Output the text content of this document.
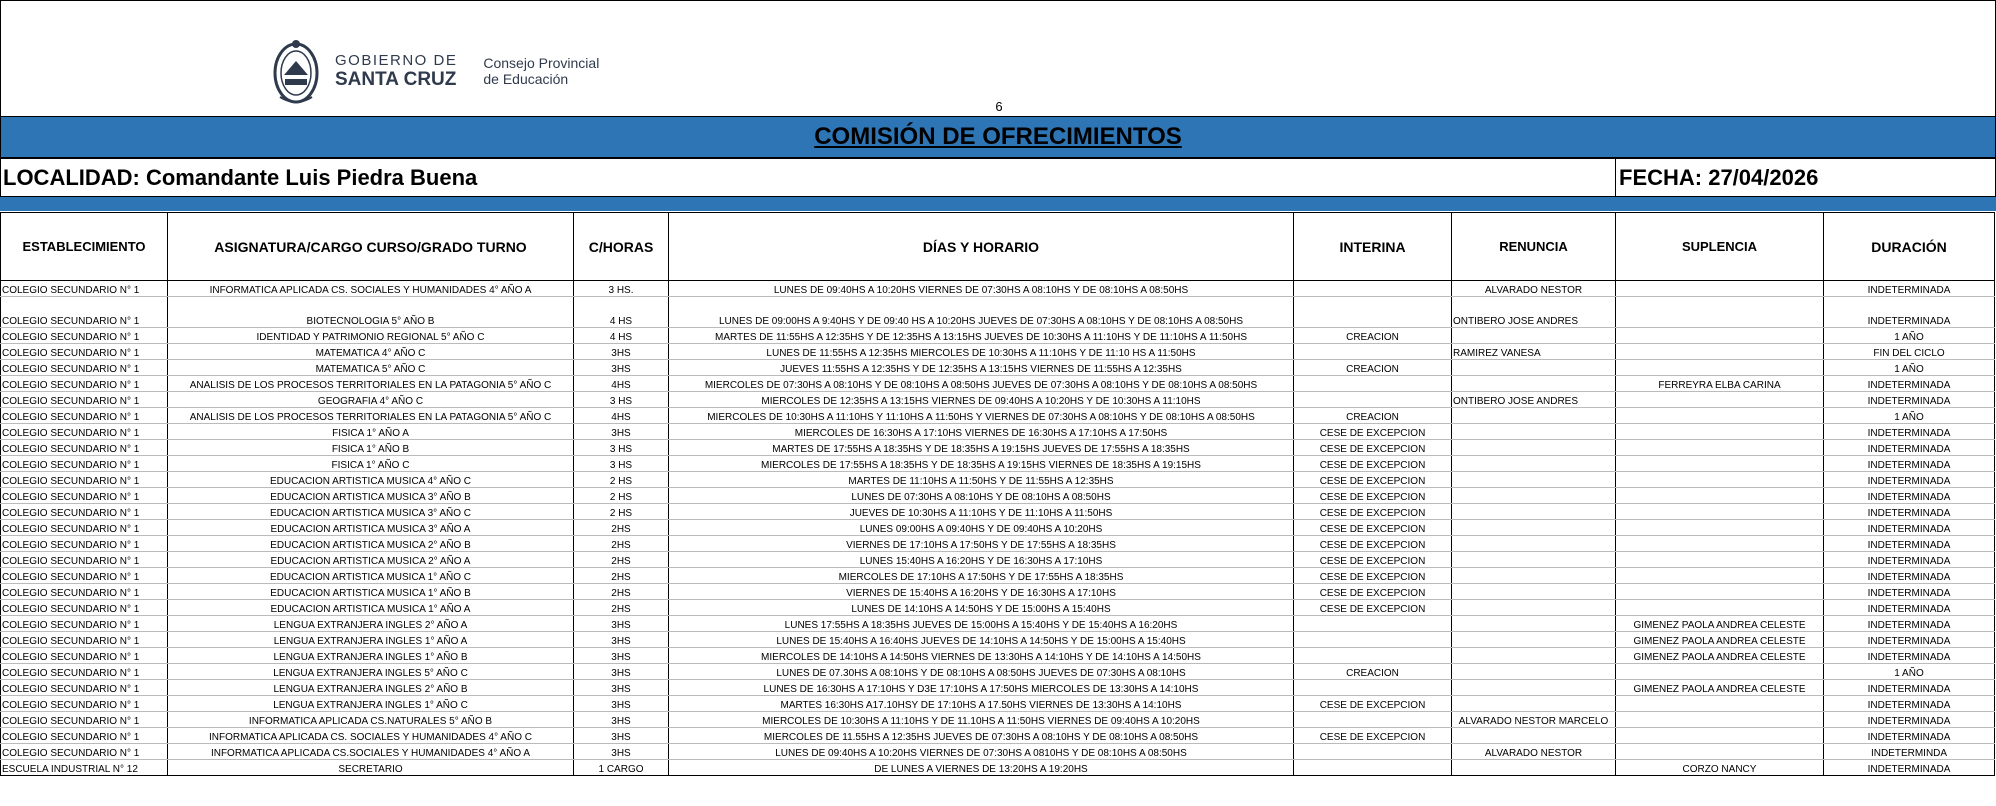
GOBIERNO DE
SANTA CRUZ
Consejo Provincial
de Educación
6
COMISIÓN DE OFRECIMIENTOS
LOCALIDAD: Comandante Luis Piedra Buena	FECHA: 27/04/2026
ESTABLECIMIENTO	ASIGNATURA/CARGO CURSO/GRADO TURNO	C/HORAS	DÍAS Y HORARIO	INTERINA	RENUNCIA	SUPLENCIA	DURACIÓN
COLEGIO SECUNDARIO N° 1	INFORMATICA APLICADA CS. SOCIALES Y HUMANIDADES 4° AÑO A	3 HS.	LUNES DE 09:40HS A 10:20HS VIERNES DE 07:30HS A 08:10HS Y DE 08:10HS A 08:50HS		ALVARADO NESTOR		INDETERMINADA
COLEGIO SECUNDARIO N° 1	BIOTECNOLOGIA 5° AÑO B	4 HS	LUNES DE 09:00HS A 9:40HS Y DE 09:40 HS A 10:20HS JUEVES DE 07:30HS A 08:10HS Y DE 08:10HS A 08:50HS		ONTIBERO JOSE ANDRES		INDETERMINADA
COLEGIO SECUNDARIO N° 1	IDENTIDAD Y PATRIMONIO REGIONAL 5° AÑO C	4 HS	MARTES DE 11:55HS A 12:35HS Y DE 12:35HS A 13:15HS JUEVES DE 10:30HS A 11:10HS Y DE 11:10HS A 11:50HS	CREACION			1 AÑO
COLEGIO SECUNDARIO N° 1	MATEMATICA 4° AÑO C	3HS	LUNES DE 11:55HS A 12:35HS MIERCOLES DE 10:30HS A 11:10HS Y DE 11:10 HS A 11:50HS		RAMIREZ VANESA		FIN DEL CICLO
COLEGIO SECUNDARIO N° 1	MATEMATICA 5° AÑO C	3HS	JUEVES 11:55HS A 12:35HS Y DE 12:35HS A 13:15HS VIERNES DE 11:55HS A 12:35HS	CREACION			1 AÑO
COLEGIO SECUNDARIO N° 1	ANALISIS DE LOS PROCESOS TERRITORIALES EN LA PATAGONIA 5° AÑO C	4HS	MIERCOLES DE 07:30HS A 08:10HS Y DE 08:10HS A 08:50HS JUEVES DE 07:30HS A 08:10HS Y DE 08:10HS A 08:50HS			FERREYRA ELBA CARINA	INDETERMINADA
COLEGIO SECUNDARIO N° 1	GEOGRAFIA 4° AÑO C	3 HS	MIERCOLES DE 12:35HS A 13:15HS VIERNES DE 09:40HS A 10:20HS Y DE 10:30HS A 11:10HS		ONTIBERO JOSE ANDRES		INDETERMINADA
COLEGIO SECUNDARIO N° 1	ANALISIS DE LOS PROCESOS TERRITORIALES EN LA PATAGONIA 5° AÑO C	4HS	MIERCOLES DE 10:30HS A 11:10HS Y 11:10HS A 11:50HS Y VIERNES DE 07:30HS A 08:10HS Y DE 08:10HS A 08:50HS	CREACION			1 AÑO
COLEGIO SECUNDARIO N° 1	FISICA 1° AÑO A	3HS	MIERCOLES DE 16:30HS A 17:10HS VIERNES DE 16:30HS A 17:10HS A 17:50HS	CESE DE EXCEPCION			INDETERMINADA
COLEGIO SECUNDARIO N° 1	FISICA 1° AÑO B	3 HS	MARTES DE 17:55HS A 18:35HS Y DE 18:35HS A 19:15HS JUEVES DE 17:55HS A 18:35HS	CESE DE EXCEPCION			INDETERMINADA
COLEGIO SECUNDARIO N° 1	FISICA 1° AÑO C	3 HS	MIERCOLES DE 17:55HS A 18:35HS Y DE 18:35HS A 19:15HS VIERNES DE 18:35HS A 19:15HS	CESE DE EXCEPCION			INDETERMINADA
COLEGIO SECUNDARIO N° 1	EDUCACION ARTISTICA MUSICA 4° AÑO C	2 HS	MARTES DE 11:10HS A 11:50HS Y DE 11:55HS A 12:35HS	CESE DE EXCEPCION			INDETERMINADA
COLEGIO SECUNDARIO N° 1	EDUCACION ARTISTICA MUSICA 3° AÑO B	2 HS	LUNES DE 07:30HS A 08:10HS Y DE 08:10HS A 08:50HS	CESE DE EXCEPCION			INDETERMINADA
COLEGIO SECUNDARIO N° 1	EDUCACION ARTISTICA MUSICA 3° AÑO C	2 HS	JUEVES DE 10:30HS A 11:10HS Y DE 11:10HS A 11:50HS	CESE DE EXCEPCION			INDETERMINADA
COLEGIO SECUNDARIO N° 1	EDUCACION ARTISTICA MUSICA 3° AÑO A	2HS	LUNES 09:00HS A 09:40HS Y DE 09:40HS A 10:20HS	CESE DE EXCEPCION			INDETERMINADA
COLEGIO SECUNDARIO N° 1	EDUCACION ARTISTICA MUSICA 2° AÑO B	2HS	VIERNES DE 17:10HS A 17:50HS Y DE 17:55HS A 18:35HS	CESE DE EXCEPCION			INDETERMINADA
COLEGIO SECUNDARIO N° 1	EDUCACION ARTISTICA MUSICA 2° AÑO A	2HS	LUNES 15:40HS A 16:20HS Y DE 16:30HS A 17:10HS	CESE DE EXCEPCION			INDETERMINADA
COLEGIO SECUNDARIO N° 1	EDUCACION ARTISTICA MUSICA 1° AÑO C	2HS	MIERCOLES DE 17:10HS A 17:50HS Y DE 17:55HS A 18:35HS	CESE DE EXCEPCION			INDETERMINADA
COLEGIO SECUNDARIO N° 1	EDUCACION ARTISTICA MUSICA 1° AÑO B	2HS	VIERNES DE 15:40HS A 16:20HS Y DE 16:30HS A 17:10HS	CESE DE EXCEPCION			INDETERMINADA
COLEGIO SECUNDARIO N° 1	EDUCACION ARTISTICA MUSICA 1° AÑO A	2HS	LUNES DE 14:10HS A 14:50HS Y DE 15:00HS A 15:40HS	CESE DE EXCEPCION			INDETERMINADA
COLEGIO SECUNDARIO N° 1	LENGUA EXTRANJERA INGLES 2° AÑO A	3HS	LUNES 17:55HS A 18:35HS JUEVES DE 15:00HS A 15:40HS Y DE 15:40HS A 16:20HS			GIMENEZ PAOLA ANDREA CELESTE	INDETERMINADA
COLEGIO SECUNDARIO N° 1	LENGUA EXTRANJERA INGLES 1° AÑO A	3HS	LUNES DE 15:40HS A 16:40HS JUEVES DE 14:10HS A 14:50HS Y DE 15:00HS A 15:40HS			GIMENEZ PAOLA ANDREA CELESTE	INDETERMINADA
COLEGIO SECUNDARIO N° 1	LENGUA EXTRANJERA INGLES 1° AÑO B	3HS	MIERCOLES DE 14:10HS A 14:50HS VIERNES DE 13:30HS A 14:10HS Y DE 14:10HS A 14:50HS			GIMENEZ PAOLA ANDREA CELESTE	INDETERMINADA
COLEGIO SECUNDARIO N° 1	LENGUA EXTRANJERA INGLES 5° AÑO C	3HS	LUNES DE 07.30HS A 08:10HS Y DE 08:10HS A 08:50HS JUEVES DE 07:30HS A 08:10HS	CREACION			1 AÑO
COLEGIO SECUNDARIO N° 1	LENGUA EXTRANJERA INGLES 2° AÑO B	3HS	LUNES DE 16:30HS A 17:10HS Y D3E 17:10HS A 17:50HS MIERCOLES DE 13:30HS A 14:10HS			GIMENEZ PAOLA ANDREA CELESTE	INDETERMINADA
COLEGIO SECUNDARIO N° 1	LENGUA EXTRANJERA INGLES 1° AÑO C	3HS	MARTES 16:30HS A17.10HSY DE 17:10HS A 17.50HS VIERNES DE 13:30HS A 14:10HS	CESE DE EXCEPCION			INDETERMINADA
COLEGIO SECUNDARIO N° 1	INFORMATICA APLICADA CS.NATURALES 5° AÑO B	3HS	MIERCOLES DE 10:30HS A 11:10HS Y DE 11.10HS A 11:50HS VIERNES DE 09:40HS A 10:20HS		ALVARADO NESTOR MARCELO		INDETERMINADA
COLEGIO SECUNDARIO N° 1	INFORMATICA APLICADA CS. SOCIALES Y HUMANIDADES 4° AÑO C	3HS	MIERCOLES DE 11.55HS A 12:35HS JUEVES DE 07:30HS A 08:10HS Y DE 08:10HS A 08:50HS	CESE DE EXCEPCION			INDETERMINADA
COLEGIO SECUNDARIO N° 1	INFORMATICA APLICADA CS.SOCIALES Y HUMANIDADES 4° AÑO A	3HS	LUNES DE 09:40HS A 10:20HS VIERNES DE 07:30HS A 0810HS Y DE 08:10HS A 08:50HS		ALVARADO NESTOR		INDETERMINDA
ESCUELA INDUSTRIAL N° 12	SECRETARIO	1 CARGO	DE LUNES A VIERNES DE 13:20HS A 19:20HS			CORZO NANCY	INDETERMINADA
